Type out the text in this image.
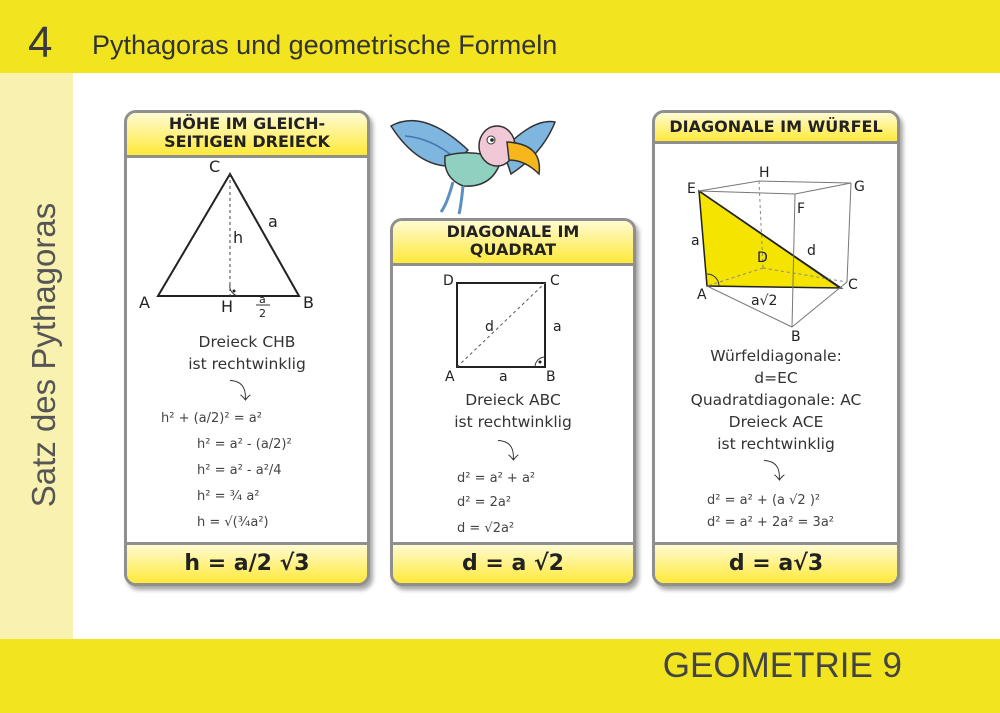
4 Pythagoras und geometrische Formeln
Satz des Pythagoras
GEOMETRIE 9
HÖHE IM GLEICH-
SEITIGEN DREIECK
C
A	B
H
a
h
a
2
Dreieck CHB
ist rechtwinklig
⤵
h² + (a/2)² = a²
h² = a² - (a/2)²
h² = a² - a²/4
h² = ¾ a²
h = √(¾a²)
h = a/2 √3
DIAGONALE IM
QUADRAT
D	C
A	B
a
a
d
Dreieck ABC
ist rechtwinklig
⤵
d² = a² + a²
d² = 2a²
d = √2a²
d = a √2
DIAGONALE IM WÜRFEL
E
H
G
F
D
C
A
B
a
d
a√2
Würfeldiagonale:
d=EC
Quadratdiagonale: AC
Dreieck ACE
ist rechtwinklig
⤵
d² = a² + (a √2 )²
d² = a² + 2a² = 3a²
d = a√3
